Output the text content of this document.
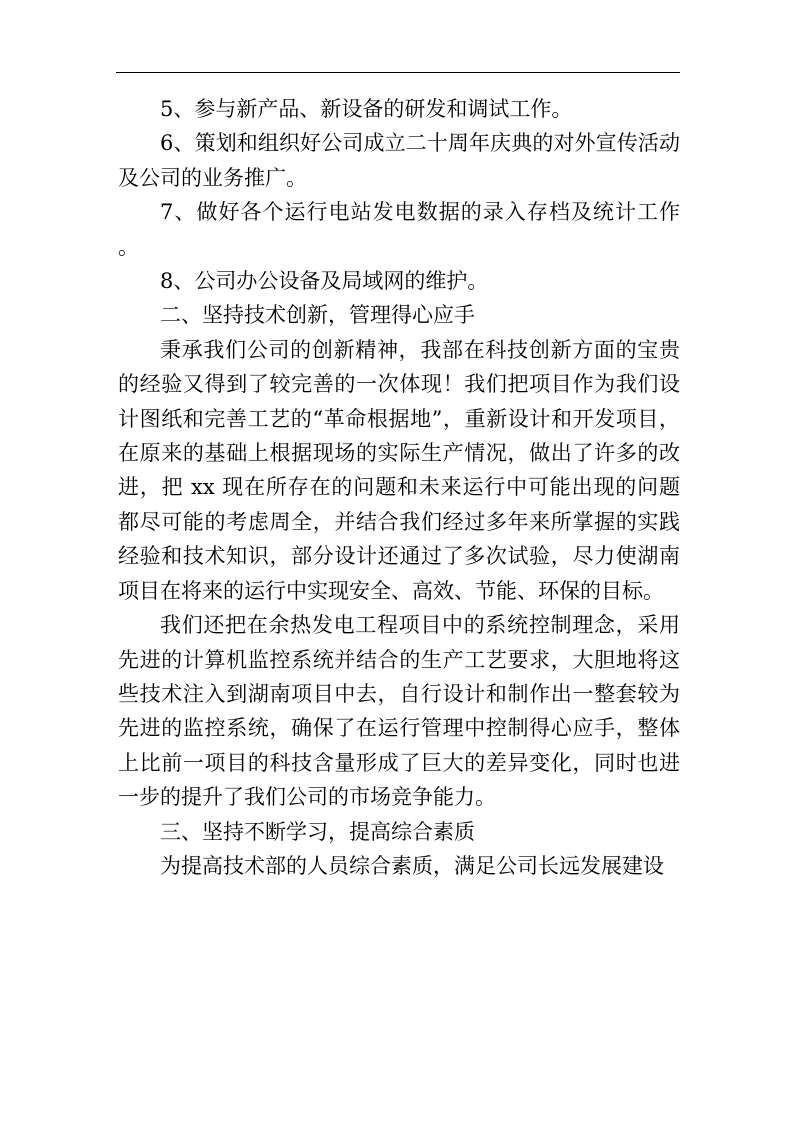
5、参与新产品、新设备的研发和调试工作。

6、策划和组织好公司成立二十周年庆典的对外宣传活动及公司的业务推广。

7、做好各个运行电站发电数据的录入存档及统计工作 。

8、公司办公设备及局域网的维护。

二、坚持技术创新，管理得心应手

秉承我们公司的创新精神，我部在科技创新方面的宝贵的经验又得到了较完善的一次体现！我们把项目作为我们设计图纸和完善工艺的“革命根据地”，重新设计和开发项目，在原来的基础上根据现场的实际生产情况，做出了许多的改进，把 xx 现在所存在的问题和未来运行中可能出现的问题都尽可能的考虑周全，并结合我们经过多年来所掌握的实践经验和技术知识，部分设计还通过了多次试验，尽力使湖南项目在将来的运行中实现安全、高效、节能、环保的目标。

我们还把在余热发电工程项目中的系统控制理念，采用先进的计算机监控系统并结合的生产工艺要求，大胆地将这些技术注入到湖南项目中去，自行设计和制作出一整套较为先进的监控系统，确保了在运行管理中控制得心应手，整体上比前一项目的科技含量形成了巨大的差异变化，同时也进一步的提升了我们公司的市场竞争能力。

三、坚持不断学习，提高综合素质

为提高技术部的人员综合素质，满足公司长远发展建设
